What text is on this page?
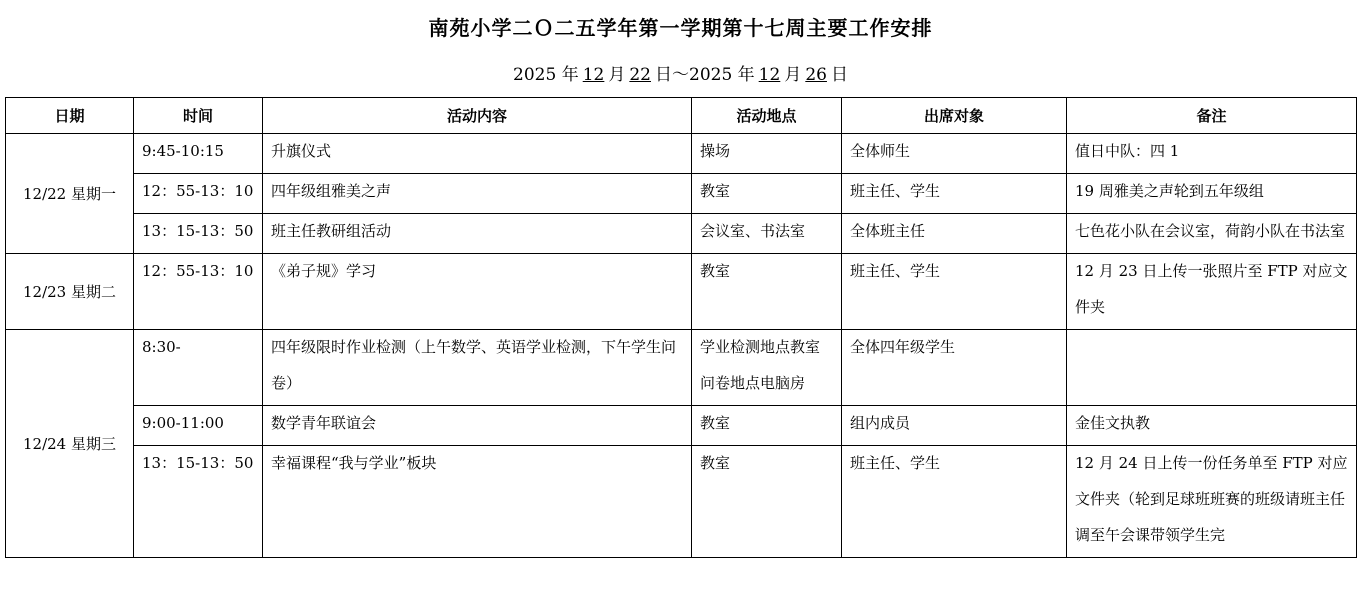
南苑小学二Ｏ二五学年第一学期第十七周主要工作安排
2025 年 12 月 22 日～2025 年 12 月 26 日
日期	时间	活动内容	活动地点	出席对象	备注
12/22 星期一	9:45-10:15	升旗仪式	操场	全体师生	值日中队：四 1

	12：55-13：10	四年级组雅美之声	教室	班主任、学生	19 周雅美之声轮到五年级组

	13：15-13：50	班主任教研组活动	会议室、书法室	全体班主任	七色花小队在会议室，荷韵小队在书法室

12/23 星期二	12：55-13：10	《弟子规》学习	教室	班主任、学生	12 月 23 日上传一张照片至 FTP 对应文件夹

12/24 星期三	8:30-	四年级限时作业检测（上午数学、英语学业检测，下午学生问卷）	学业检测地点教室　问卷地点电脑房	全体四年级学生	

	9:00-11:00	数学青年联谊会	教室	组内成员	金佳文执教

	13：15-13：50	幸福课程“我与学业”板块	教室	班主任、学生	12 月 24 日上传一份任务单至 FTP 对应文件夹（轮到足球班班赛的班级请班主任调至午会课带领学生完
